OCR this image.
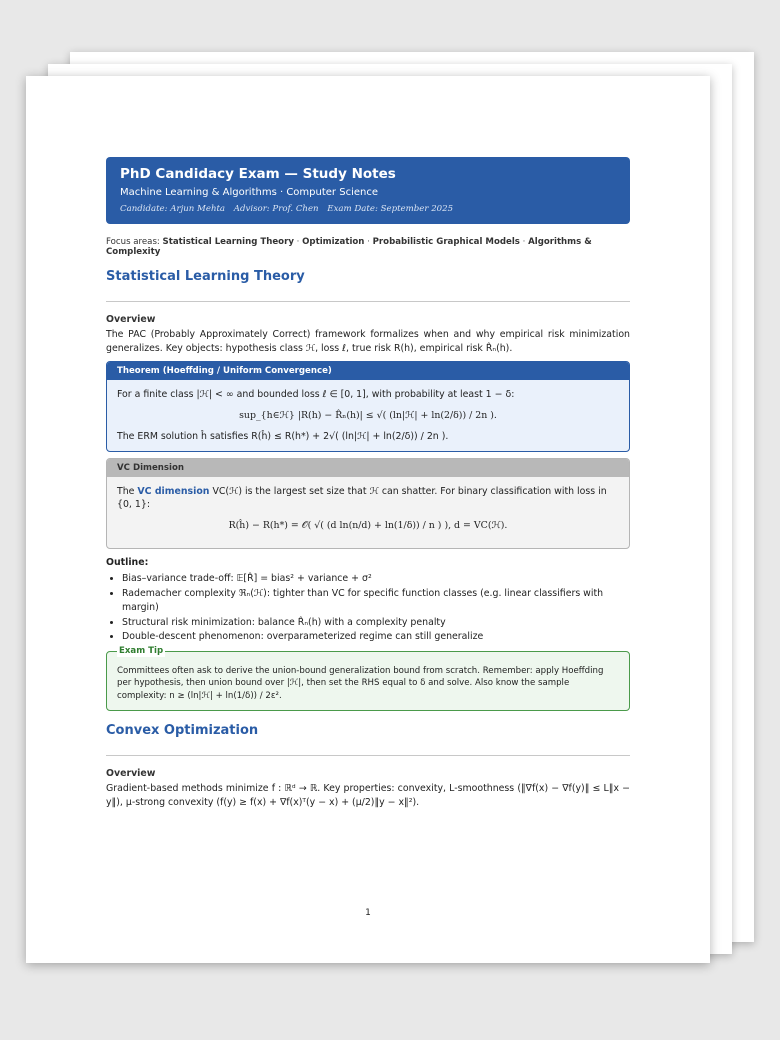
PhD Candidacy Exam — Study Notes
Machine Learning & Algorithms · Computer Science
Candidate: Arjun Mehta Advisor: Prof. Chen Exam Date: September 2025
Focus areas: Statistical Learning Theory · Optimization · Probabilistic Graphical Models · Algorithms & Complexity
Statistical Learning Theory
Overview
The PAC (Probably Approximately Correct) framework formalizes when and why empirical risk minimization generalizes. Key objects: hypothesis class ℋ, loss ℓ, true risk R(h), empirical risk R̂ₙ(h).
Theorem (Hoeffding / Uniform Convergence)
For a finite class |ℋ| < ∞ and bounded loss ℓ ∈ [0, 1], with probability at least 1 − δ:
sup_{h∈ℋ} |R(h) − R̂ₙ(h)| ≤ √( (ln|ℋ| + ln(2/δ)) / 2n ).
The ERM solution ĥ satisfies R(ĥ) ≤ R(h*) + 2√( (ln|ℋ| + ln(2/δ)) / 2n ).
VC Dimension
The VC dimension VC(ℋ) is the largest set size that ℋ can shatter. For binary classification with loss in {0, 1}:
R(ĥ) − R(h*) = 𝒪( √( (d ln(n/d) + ln(1/δ)) / n ) ), d = VC(ℋ).
Outline:
• Bias–variance trade-off: 𝔼[R̂] = bias² + variance + σ²
• Rademacher complexity ℜₙ(ℋ): tighter than VC for specific function classes (e.g. linear classifiers with margin)
• Structural risk minimization: balance R̂ₙ(h) with a complexity penalty
• Double-descent phenomenon: overparameterized regime can still generalize
Exam Tip
Committees often ask to derive the union-bound generalization bound from scratch. Remember: apply Hoeffding per hypothesis, then union bound over |ℋ|, then set the RHS equal to δ and solve. Also know the sample complexity: n ≥ (ln|ℋ| + ln(1/δ)) / 2ε².
Convex Optimization
Overview
Gradient-based methods minimize f : ℝᵈ → ℝ. Key properties: convexity, L-smoothness (‖∇f(x) − ∇f(y)‖ ≤ L‖x − y‖), μ-strong convexity (f(y) ≥ f(x) + ∇f(x)ᵀ(y − x) + (μ/2)‖y − x‖²).
1
